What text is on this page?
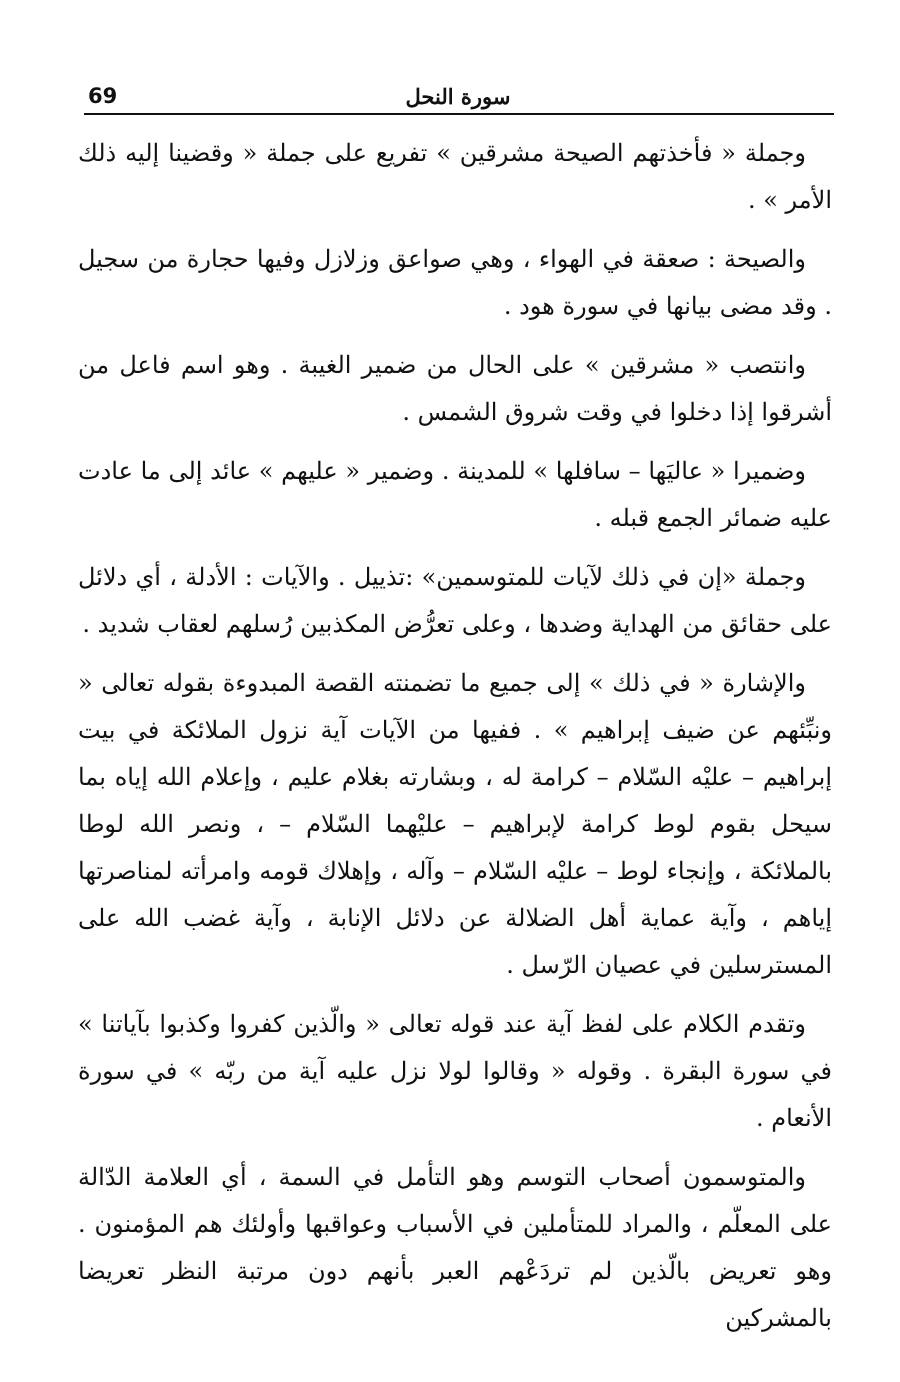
69	سورة النحل

وجملة « فأخذتهم الصيحة مشرقين » تفريع على جملة « وقضينا إليه ذلك الأمر » .

والصيحة : صعقة في الهواء ، وهي صواعق وزلازل وفيها حجارة من سجيل . وقد مضى بيانها في سورة هود .

وانتصب « مشرقين » على الحال من ضمير الغيبة . وهو اسم فاعل من أشرقوا إذا دخلوا في وقت شروق الشمس .

وضميرا « عاليَها – سافلها » للمدينة . وضمير « عليهم » عائد إلى ما عادت عليه ضمائر الجمع قبله .

وجملة «إن في ذلك لآيات للمتوسمين» :تذييل . والآيات : الأدلة ، أي دلائل على حقائق من الهداية وضدها ، وعلى تعرُّض المكذبين رُسلهم لعقاب شديد .

والإشارة « في ذلك » إلى جميع ما تضمنته القصة المبدوءة بقوله تعالى « ونبِّئهم عن ضيف إبراهيم » . ففيها من الآيات آية نزول الملائكة في بيت إبراهيم – عليْه السّلام – كرامة له ، وبشارته بغلام عليم ، وإعلام الله إياه بما سيحل بقوم لوط كرامة لإبراهيم – عليْهما السّلام – ، ونصر الله لوطا بالملائكة ، وإنجاء لوط – عليْه السّلام – وآله ، وإهلاك قومه وامرأته لمناصرتها إياهم ، وآية عماية أهل الضلالة عن دلائل الإنابة ، وآية غضب الله على المسترسلين في عصيان الرّسل .

وتقدم الكلام على لفظ آية عند قوله تعالى « والّذين كفروا وكذبوا بآياتنا » في سورة البقرة . وقوله « وقالوا لولا نزل عليه آية من ربّه » في سورة الأنعام .

والمتوسمون أصحاب التوسم وهو التأمل في السمة ، أي العلامة الدّالة على المعلّم ، والمراد للمتأملين في الأسباب وعواقبها وأولئك هم المؤمنون . وهو تعريض بالّذين لم تردَعْهم العبر بأنهم دون مرتبة النظر تعريضا بالمشركين
